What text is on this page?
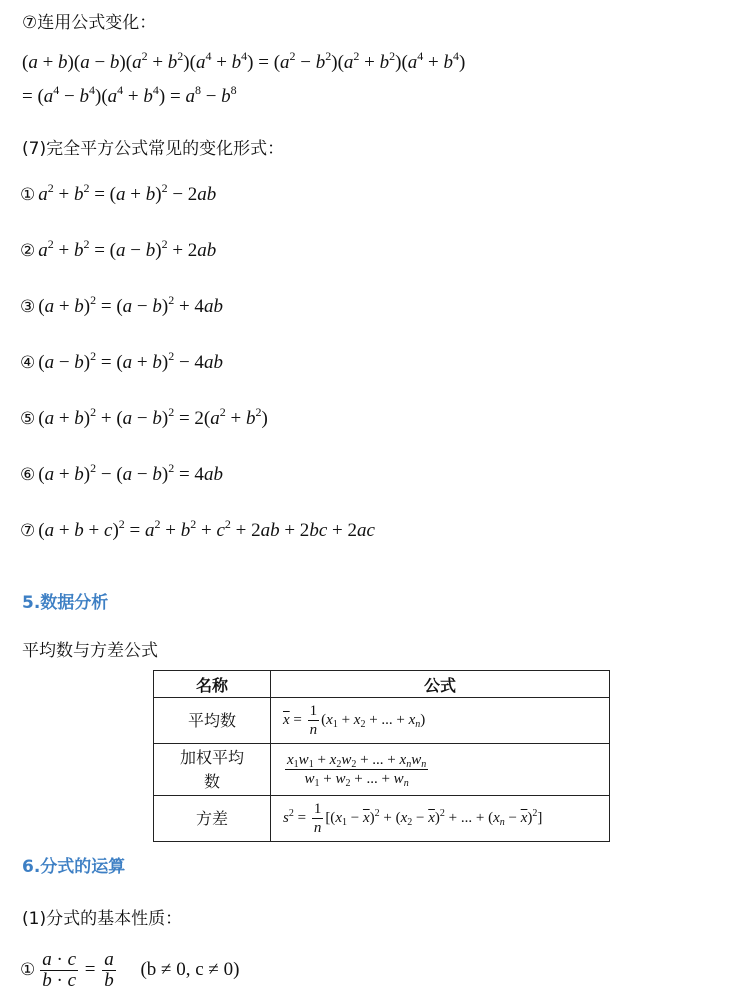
⑦连用公式变化：
$(a + b)(a - b)(a^2 + b^2)(a^4 + b^4) = (a^2 - b^2)(a^2 + b^2)(a^4 + b^4)$
= $(a^4 - b^4)(a^4 + b^4) = a^8 - b^8$
(7)完全平方公式常见的变化形式：
① $a^2 + b^2 = (a + b)^2 - 2ab$
② $a^2 + b^2 = (a - b)^2 + 2ab$
③ $(a + b)^2 = (a - b)^2 + 4ab$
④ $(a - b)^2 = (a + b)^2 - 4ab$
⑤ $(a + b)^2 + (a - b)^2 = 2(a^2 + b^2)$
⑥ $(a + b)^2 - (a - b)^2 = 4ab$
⑦ $(a + b + c)^2 = a^2 + b^2 + c^2 + 2ab + 2bc + 2ac$
5.数据分析
平均数与方差公式
名称	公式
平均数	$\overline{x} = \frac{1}{n} (x_1 + x_2$ + ... + $x_n$)
加权平均
数	$\frac{x_1w_1 + x_2w_2 + ... + x_nw_n}{w_1 + w_2 + ... + w_n}$

方差	$s^2 = \frac{1}{n} [(x_1 - \overline{x})^2 + (x_2 - \overline{x})^2$ + ... + $(x_n - \overline{x})^2$]
6.分式的运算
(1)分式的基本性质：
① $\frac{a \cdot c}{b \cdot c} = \frac{a}{b} (b \ne 0$, c ≠ 0)
